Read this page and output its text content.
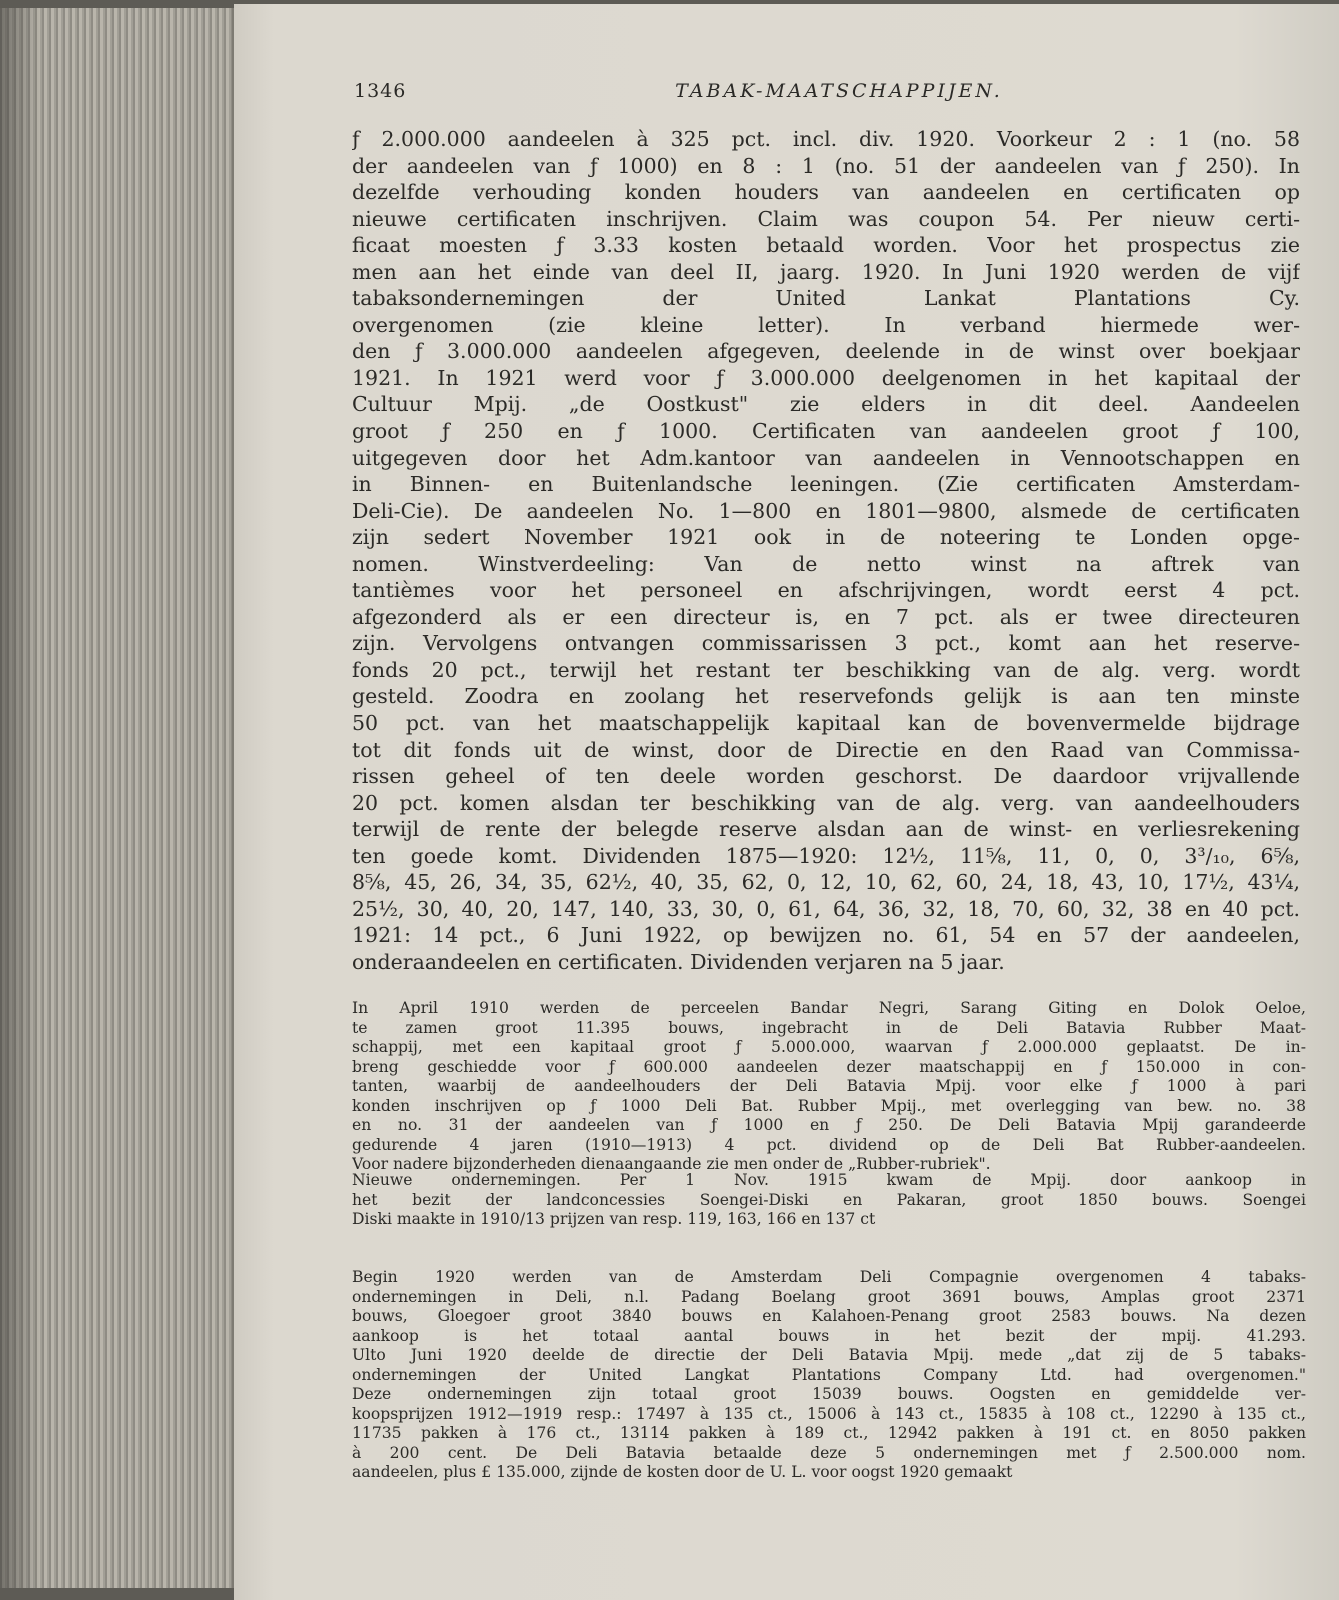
1346	TABAK-MAATSCHAPPIJEN.
ƒ 2.000.000 aandeelen à 325 pct. incl. div. 1920. Voorkeur 2 : 1 (no. 58
der aandeelen van ƒ 1000) en 8 : 1 (no. 51 der aandeelen van ƒ 250). In
dezelfde verhouding konden houders van aandeelen en certificaten op
nieuwe certificaten inschrijven. Claim was coupon 54. Per nieuw certi-
ficaat moesten ƒ 3.33 kosten betaald worden. Voor het prospectus zie
men aan het einde van deel II, jaarg. 1920. In Juni 1920 werden de vijf
tabaksondernemingen der United Lankat Plantations Cy.
overgenomen (zie kleine letter). In verband hiermede wer-
den ƒ 3.000.000 aandeelen afgegeven, deelende in de winst over boekjaar
1921. In 1921 werd voor ƒ 3.000.000 deelgenomen in het kapitaal der
Cultuur Mpij. „de Oostkust" zie elders in dit deel. Aandeelen
groot ƒ 250 en ƒ 1000. Certificaten van aandeelen groot ƒ 100,
uitgegeven door het Adm.kantoor van aandeelen in Vennootschappen en
in Binnen- en Buitenlandsche leeningen. (Zie certificaten Amsterdam-
Deli-Cie). De aandeelen No. 1—800 en 1801—9800, alsmede de certificaten
zijn sedert November 1921 ook in de noteering te Londen opge-
nomen. Winstverdeeling: Van de netto winst na aftrek van
tantièmes voor het personeel en afschrijvingen, wordt eerst 4 pct.
afgezonderd als er een directeur is, en 7 pct. als er twee directeuren
zijn. Vervolgens ontvangen commissarissen 3 pct., komt aan het reserve-
fonds 20 pct., terwijl het restant ter beschikking van de alg. verg. wordt
gesteld. Zoodra en zoolang het reservefonds gelijk is aan ten minste
50 pct. van het maatschappelijk kapitaal kan de bovenvermelde bijdrage
tot dit fonds uit de winst, door de Directie en den Raad van Commissa-
rissen geheel of ten deele worden geschorst. De daardoor vrijvallende
20 pct. komen alsdan ter beschikking van de alg. verg. van aandeelhouders
terwijl de rente der belegde reserve alsdan aan de winst- en verliesrekening
ten goede komt. Dividenden 1875—1920: 12½, 11⅝, 11, 0, 0, 3³/₁₀, 6⅝,
8⅝, 45, 26, 34, 35, 62½, 40, 35, 62, 0, 12, 10, 62, 60, 24, 18, 43, 10, 17½, 43¼,
25½, 30, 40, 20, 147, 140, 33, 30, 0, 61, 64, 36, 32, 18, 70, 60, 32, 38 en 40 pct.
1921: 14 pct., 6 Juni 1922, op bewijzen no. 61, 54 en 57 der aandeelen,
onderaandeelen en certificaten. Dividenden verjaren na 5 jaar.
In April 1910 werden de perceelen Bandar Negri, Sarang Giting en Dolok Oeloe,
te zamen groot 11.395 bouws, ingebracht in de Deli Batavia Rubber Maat-
schappij, met een kapitaal groot ƒ 5.000.000, waarvan ƒ 2.000.000 geplaatst. De in-
breng geschiedde voor ƒ 600.000 aandeelen dezer maatschappij en ƒ 150.000 in con-
tanten, waarbij de aandeelhouders der Deli Batavia Mpij. voor elke ƒ 1000 à pari
konden inschrijven op ƒ 1000 Deli Bat. Rubber Mpij., met overlegging van bew. no. 38
en no. 31 der aandeelen van ƒ 1000 en ƒ 250. De Deli Batavia Mpij garandeerde
gedurende 4 jaren (1910—1913) 4 pct. dividend op de Deli Bat Rubber-aandeelen.
Voor nadere bijzonderheden dienaangaande zie men onder de „Rubber-rubriek".
Nieuwe ondernemingen. Per 1 Nov. 1915 kwam de Mpij. door aankoop in
het bezit der landconcessies Soengei-Diski en Pakaran, groot 1850 bouws. Soengei
Diski maakte in 1910/13 prijzen van resp. 119, 163, 166 en 137 ct
Begin 1920 werden van de Amsterdam Deli Compagnie overgenomen 4 tabaks-
ondernemingen in Deli, n.l. Padang Boelang groot 3691 bouws, Amplas groot 2371
bouws, Gloegoer groot 3840 bouws en Kalahoen-Penang groot 2583 bouws. Na dezen
aankoop is het totaal aantal bouws in het bezit der mpij. 41.293.
Ulto Juni 1920 deelde de directie der Deli Batavia Mpij. mede „dat zij de 5 tabaks-
ondernemingen der United Langkat Plantations Company Ltd. had overgenomen."
Deze ondernemingen zijn totaal groot 15039 bouws. Oogsten en gemiddelde ver-
koopsprijzen 1912—1919 resp.: 17497 à 135 ct., 15006 à 143 ct., 15835 à 108 ct., 12290 à 135 ct.,
11735 pakken à 176 ct., 13114 pakken à 189 ct., 12942 pakken à 191 ct. en 8050 pakken
à 200 cent. De Deli Batavia betaalde deze 5 ondernemingen met ƒ 2.500.000 nom.
aandeelen, plus £ 135.000, zijnde de kosten door de U. L. voor oogst 1920 gemaakt
